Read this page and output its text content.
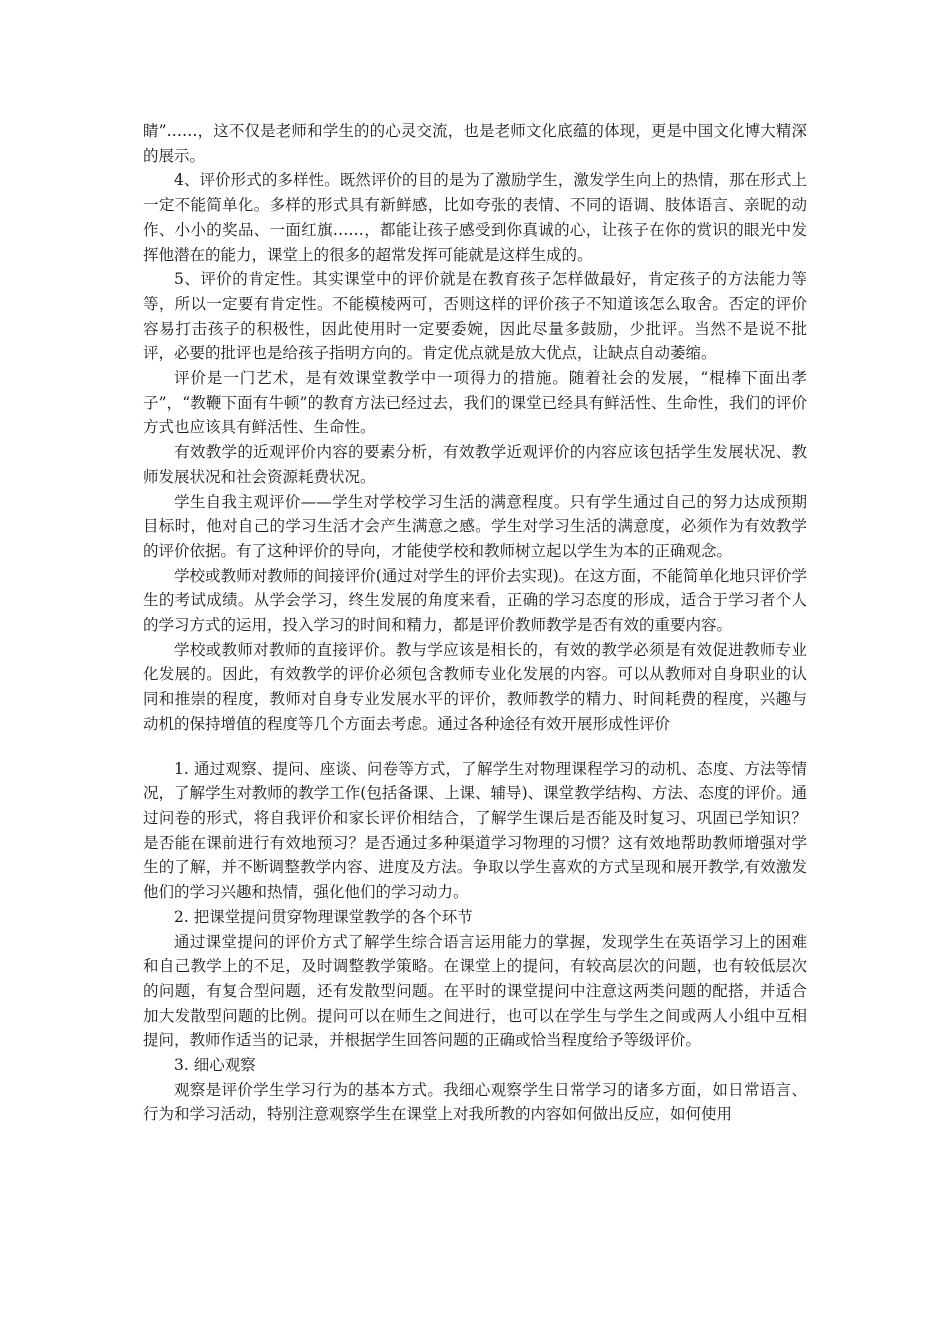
睛”……，这不仅是老师和学生的的心灵交流，也是老师文化底蕴的体现，更是中国文化博大精深的展示。

4、评价形式的多样性。既然评价的目的是为了激励学生，激发学生向上的热情，那在形式上一定不能简单化。多样的形式具有新鲜感，比如夸张的表情、不同的语调、肢体语言、亲昵的动作、小小的奖品、一面红旗……，都能让孩子感受到你真诚的心，让孩子在你的赏识的眼光中发挥他潜在的能力，课堂上的很多的超常发挥可能就是这样生成的。

5、评价的肯定性。其实课堂中的评价就是在教育孩子怎样做最好，肯定孩子的方法能力等等，所以一定要有肯定性。不能模棱两可，否则这样的评价孩子不知道该怎么取舍。否定的评价容易打击孩子的积极性，因此使用时一定要委婉，因此尽量多鼓励，少批评。当然不是说不批评，必要的批评也是给孩子指明方向的。肯定优点就是放大优点，让缺点自动萎缩。

评价是一门艺术，是有效课堂教学中一项得力的措施。随着社会的发展，“棍棒下面出孝子”，“教鞭下面有牛顿”的教育方法已经过去，我们的课堂已经具有鲜活性、生命性，我们的评价方式也应该具有鲜活性、生命性。

有效教学的近观评价内容的要素分析，有效教学近观评价的内容应该包括学生发展状况、教师发展状况和社会资源耗费状况。

学生自我主观评价——学生对学校学习生活的满意程度。只有学生通过自己的努力达成预期目标时，他对自己的学习生活才会产生满意之感。学生对学习生活的满意度，必须作为有效教学的评价依据。有了这种评价的导向，才能使学校和教师树立起以学生为本的正确观念。

学校或教师对教师的间接评价(通过对学生的评价去实现)。在这方面，不能简单化地只评价学生的考试成绩。从学会学习，终生发展的角度来看，正确的学习态度的形成，适合于学习者个人的学习方式的运用，投入学习的时间和精力，都是评价教师教学是否有效的重要内容。

学校或教师对教师的直接评价。教与学应该是相长的，有效的教学必须是有效促进教师专业化发展的。因此，有效教学的评价必须包含教师专业化发展的内容。可以从教师对自身职业的认同和推崇的程度，教师对自身专业发展水平的评价，教师教学的精力、时间耗费的程度，兴趣与动机的保持增值的程度等几个方面去考虑。通过各种途径有效开展形成性评价

1. 通过观察、提问、座谈、问卷等方式，了解学生对物理课程学习的动机、态度、方法等情况，了解学生对教师的教学工作(包括备课、上课、辅导)、课堂教学结构、方法、态度的评价。通过问卷的形式，将自我评价和家长评价相结合，了解学生课后是否能及时复习、巩固已学知识？是否能在课前进行有效地预习？是否通过多种渠道学习物理的习惯？这有效地帮助教师增强对学生的了解，并不断调整教学内容、进度及方法。争取以学生喜欢的方式呈现和展开教学,有效激发他们的学习兴趣和热情，强化他们的学习动力。

2. 把课堂提问贯穿物理课堂教学的各个环节

通过课堂提问的评价方式了解学生综合语言运用能力的掌握，发现学生在英语学习上的困难和自己教学上的不足，及时调整教学策略。在课堂上的提问，有较高层次的问题，也有较低层次的问题，有复合型问题，还有发散型问题。在平时的课堂提问中注意这两类问题的配搭，并适合加大发散型问题的比例。提问可以在师生之间进行，也可以在学生与学生之间或两人小组中互相提问，教师作适当的记录，并根据学生回答问题的正确或恰当程度给予等级评价。

3. 细心观察

观察是评价学生学习行为的基本方式。我细心观察学生日常学习的诸多方面，如日常语言、行为和学习活动，特别注意观察学生在课堂上对我所教的内容如何做出反应，如何使用
